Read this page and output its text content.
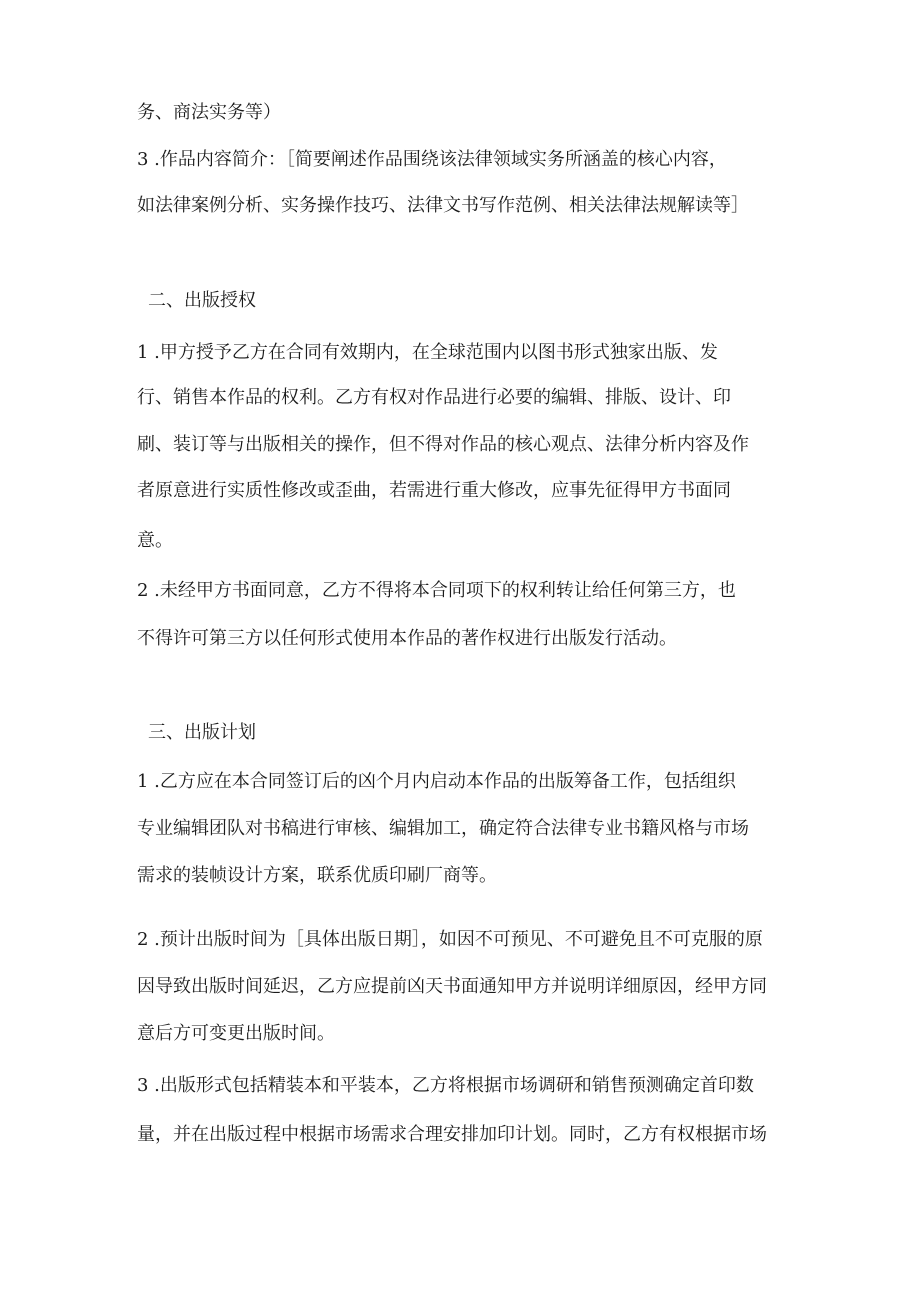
务、商法实务等）

3 .作品内容简介：［简要阐述作品围绕该法律领域实务所涵盖的核心内容，

如法律案例分析、实务操作技巧、法律文书写作范例、相关法律法规解读等］

二、出版授权

1 .甲方授予乙方在合同有效期内，在全球范围内以图书形式独家出版、发

行、销售本作品的权利。乙方有权对作品进行必要的编辑、排版、设计、印

刷、装订等与出版相关的操作，但不得对作品的核心观点、法律分析内容及作

者原意进行实质性修改或歪曲，若需进行重大修改，应事先征得甲方书面同

意。

2 .未经甲方书面同意，乙方不得将本合同项下的权利转让给任何第三方，也

不得许可第三方以任何形式使用本作品的著作权进行出版发行活动。

三、出版计划

1 .乙方应在本合同签订后的凶个月内启动本作品的出版筹备工作，包括组织

专业编辑团队对书稿进行审核、编辑加工，确定符合法律专业书籍风格与市场

需求的装帧设计方案，联系优质印刷厂商等。

2 .预计出版时间为［具体出版日期］，如因不可预见、不可避免且不可克服的原

因导致出版时间延迟，乙方应提前凶天书面通知甲方并说明详细原因，经甲方同

意后方可变更出版时间。

3 .出版形式包括精装本和平装本，乙方将根据市场调研和销售预测确定首印数

量，并在出版过程中根据市场需求合理安排加印计划。同时，乙方有权根据市场
